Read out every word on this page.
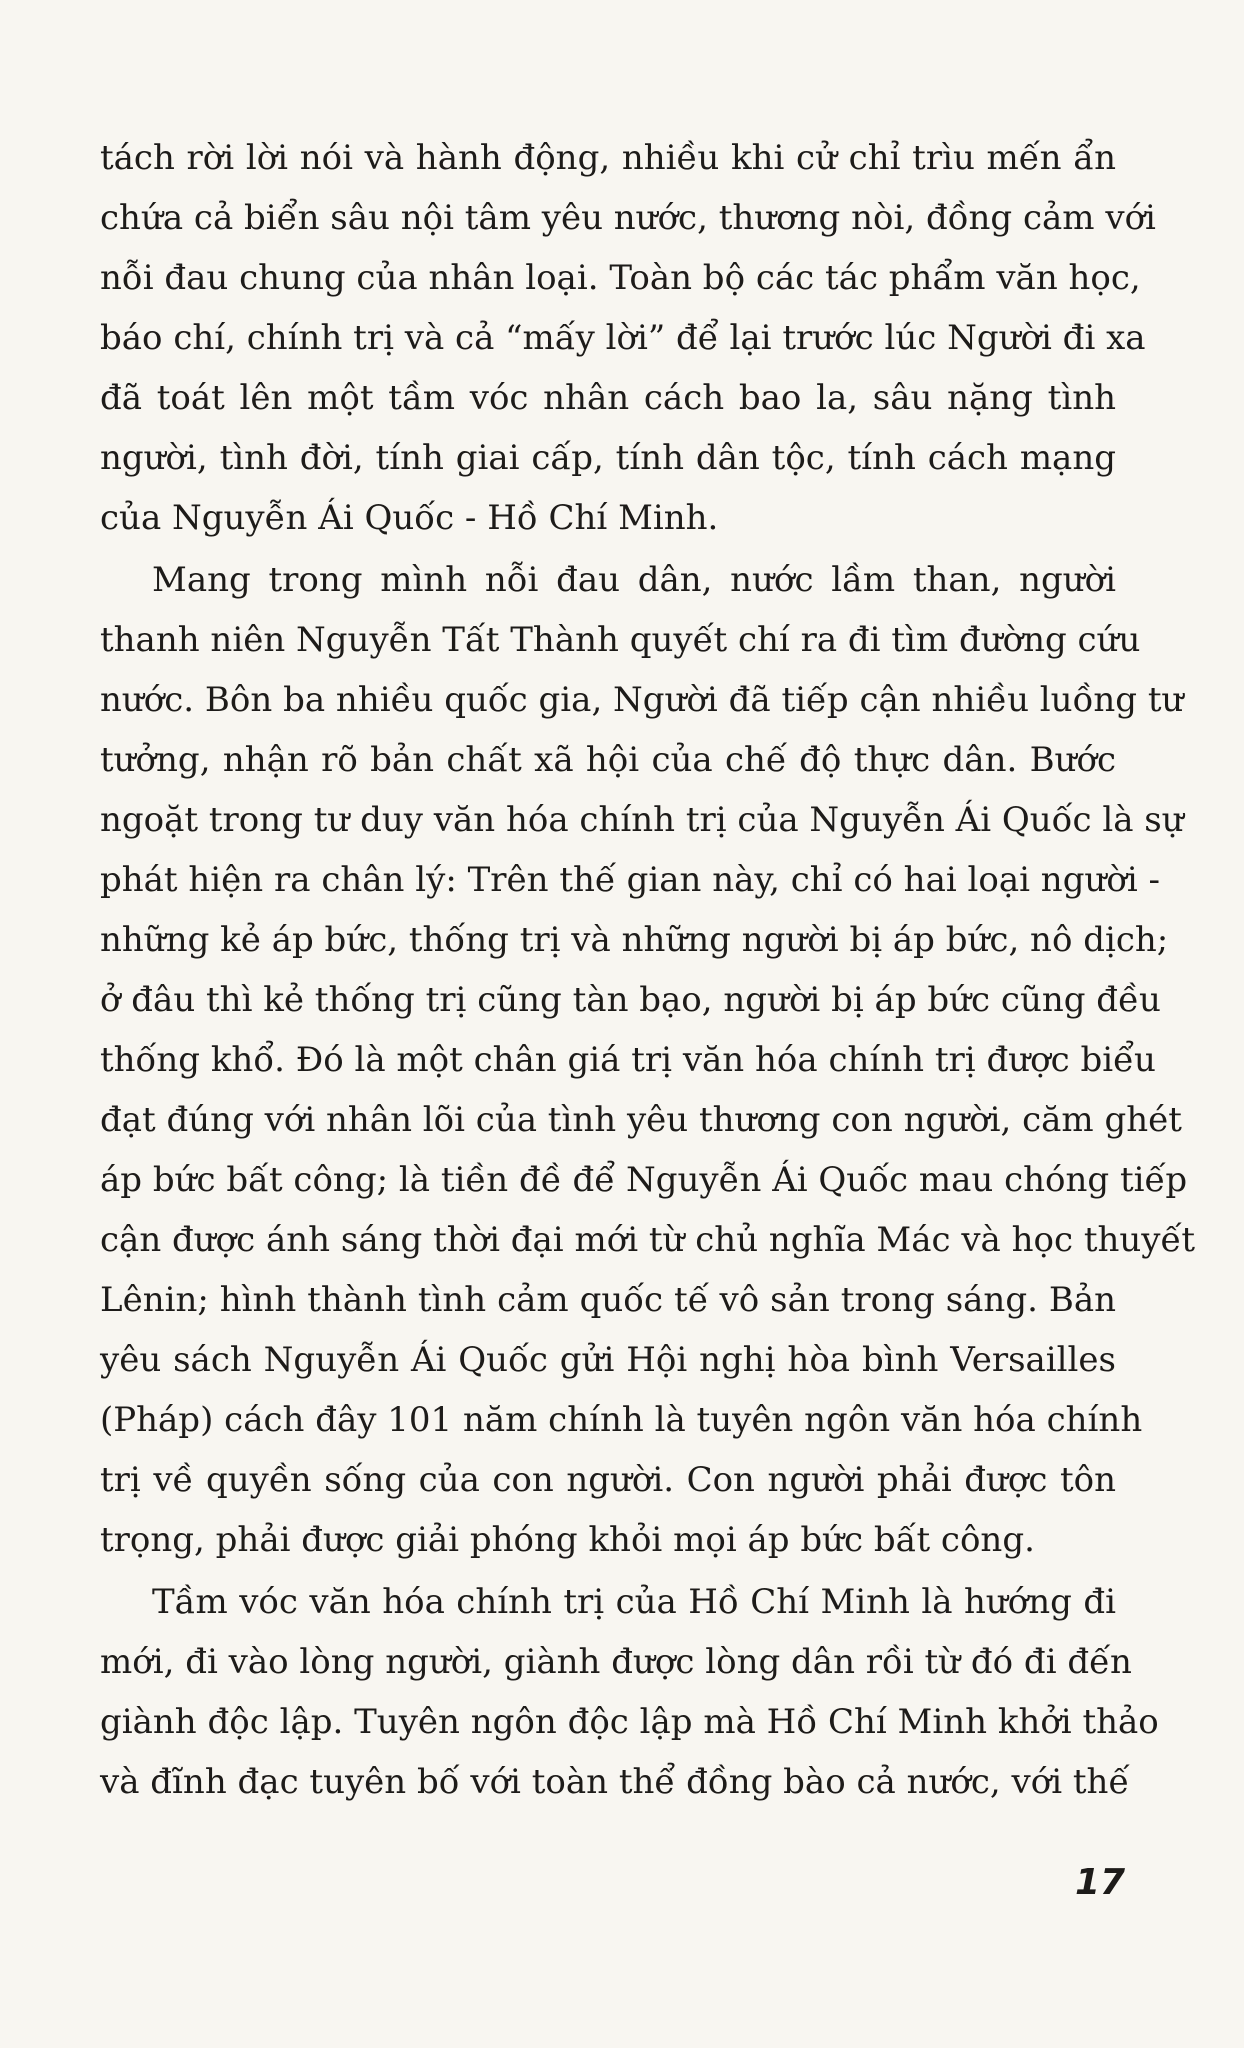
tách rời lời nói và hành động, nhiều khi cử chỉ trìu mến ẩn
chứa cả biển sâu nội tâm yêu nước, thương nòi, đồng cảm với
nỗi đau chung của nhân loại. Toàn bộ các tác phẩm văn học,
báo chí, chính trị và cả “mấy lời” để lại trước lúc Người đi xa
đã toát lên một tầm vóc nhân cách bao la, sâu nặng tình
người, tình đời, tính giai cấp, tính dân tộc, tính cách mạng
của Nguyễn Ái Quốc - Hồ Chí Minh.
Mang trong mình nỗi đau dân, nước lầm than, người
thanh niên Nguyễn Tất Thành quyết chí ra đi tìm đường cứu
nước. Bôn ba nhiều quốc gia, Người đã tiếp cận nhiều luồng tư
tưởng, nhận rõ bản chất xã hội của chế độ thực dân. Bước
ngoặt trong tư duy văn hóa chính trị của Nguyễn Ái Quốc là sự
phát hiện ra chân lý: Trên thế gian này, chỉ có hai loại người -
những kẻ áp bức, thống trị và những người bị áp bức, nô dịch;
ở đâu thì kẻ thống trị cũng tàn bạo, người bị áp bức cũng đều
thống khổ. Đó là một chân giá trị văn hóa chính trị được biểu
đạt đúng với nhân lõi của tình yêu thương con người, căm ghét
áp bức bất công; là tiền đề để Nguyễn Ái Quốc mau chóng tiếp
cận được ánh sáng thời đại mới từ chủ nghĩa Mác và học thuyết
Lênin; hình thành tình cảm quốc tế vô sản trong sáng. Bản
yêu sách Nguyễn Ái Quốc gửi Hội nghị hòa bình Versailles
(Pháp) cách đây 101 năm chính là tuyên ngôn văn hóa chính
trị về quyền sống của con người. Con người phải được tôn
trọng, phải được giải phóng khỏi mọi áp bức bất công.
Tầm vóc văn hóa chính trị của Hồ Chí Minh là hướng đi
mới, đi vào lòng người, giành được lòng dân rồi từ đó đi đến
giành độc lập. Tuyên ngôn độc lập mà Hồ Chí Minh khởi thảo
và đĩnh đạc tuyên bố với toàn thể đồng bào cả nước, với thế
17
